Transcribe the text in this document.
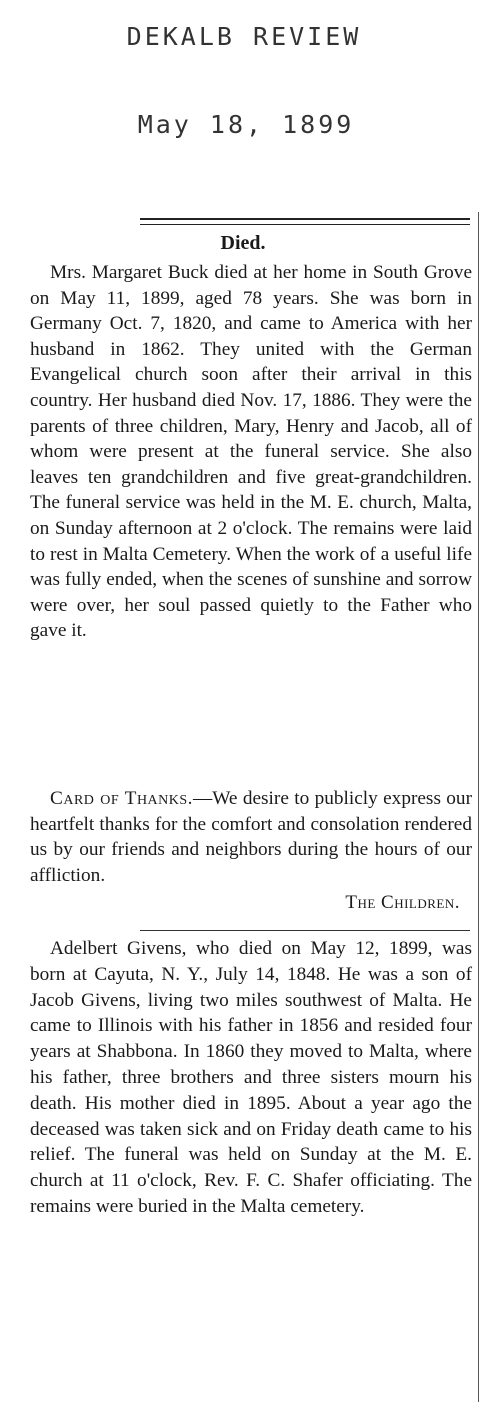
DEKALB REVIEW
May 18, 1899
Died.

Mrs. Margaret Buck died at her home in South Grove on May 11, 1899, aged 78 years. She was born in Germany Oct. 7, 1820, and came to America with her husband in 1862. They united with the German Evangelical church soon after their arrival in this country. Her husband died Nov. 17, 1886. They were the parents of three children, Mary, Henry and Jacob, all of whom were present at the funeral service. She also leaves ten grandchildren and five great-grandchildren. The funeral service was held in the M. E. church, Malta, on Sunday afternoon at 2 o'clock. The remains were laid to rest in Malta Cemetery. When the work of a useful life was fully ended, when the scenes of sunshine and sorrow were over, her soul passed quietly to the Father who gave it.

Card of Thanks.—We desire to publicly express our heartfelt thanks for the comfort and consolation rendered us by our friends and neighbors during the hours of our affliction.

The Children.

Adelbert Givens, who died on May 12, 1899, was born at Cayuta, N. Y., July 14, 1848. He was a son of Jacob Givens, living two miles southwest of Malta. He came to Illinois with his father in 1856 and resided four years at Shabbona. In 1860 they moved to Malta, where his father, three brothers and three sisters mourn his death. His mother died in 1895. About a year ago the deceased was taken sick and on Friday death came to his relief. The funeral was held on Sunday at the M. E. church at 11 o'clock, Rev. F. C. Shafer officiating. The remains were buried in the Malta cemetery.
